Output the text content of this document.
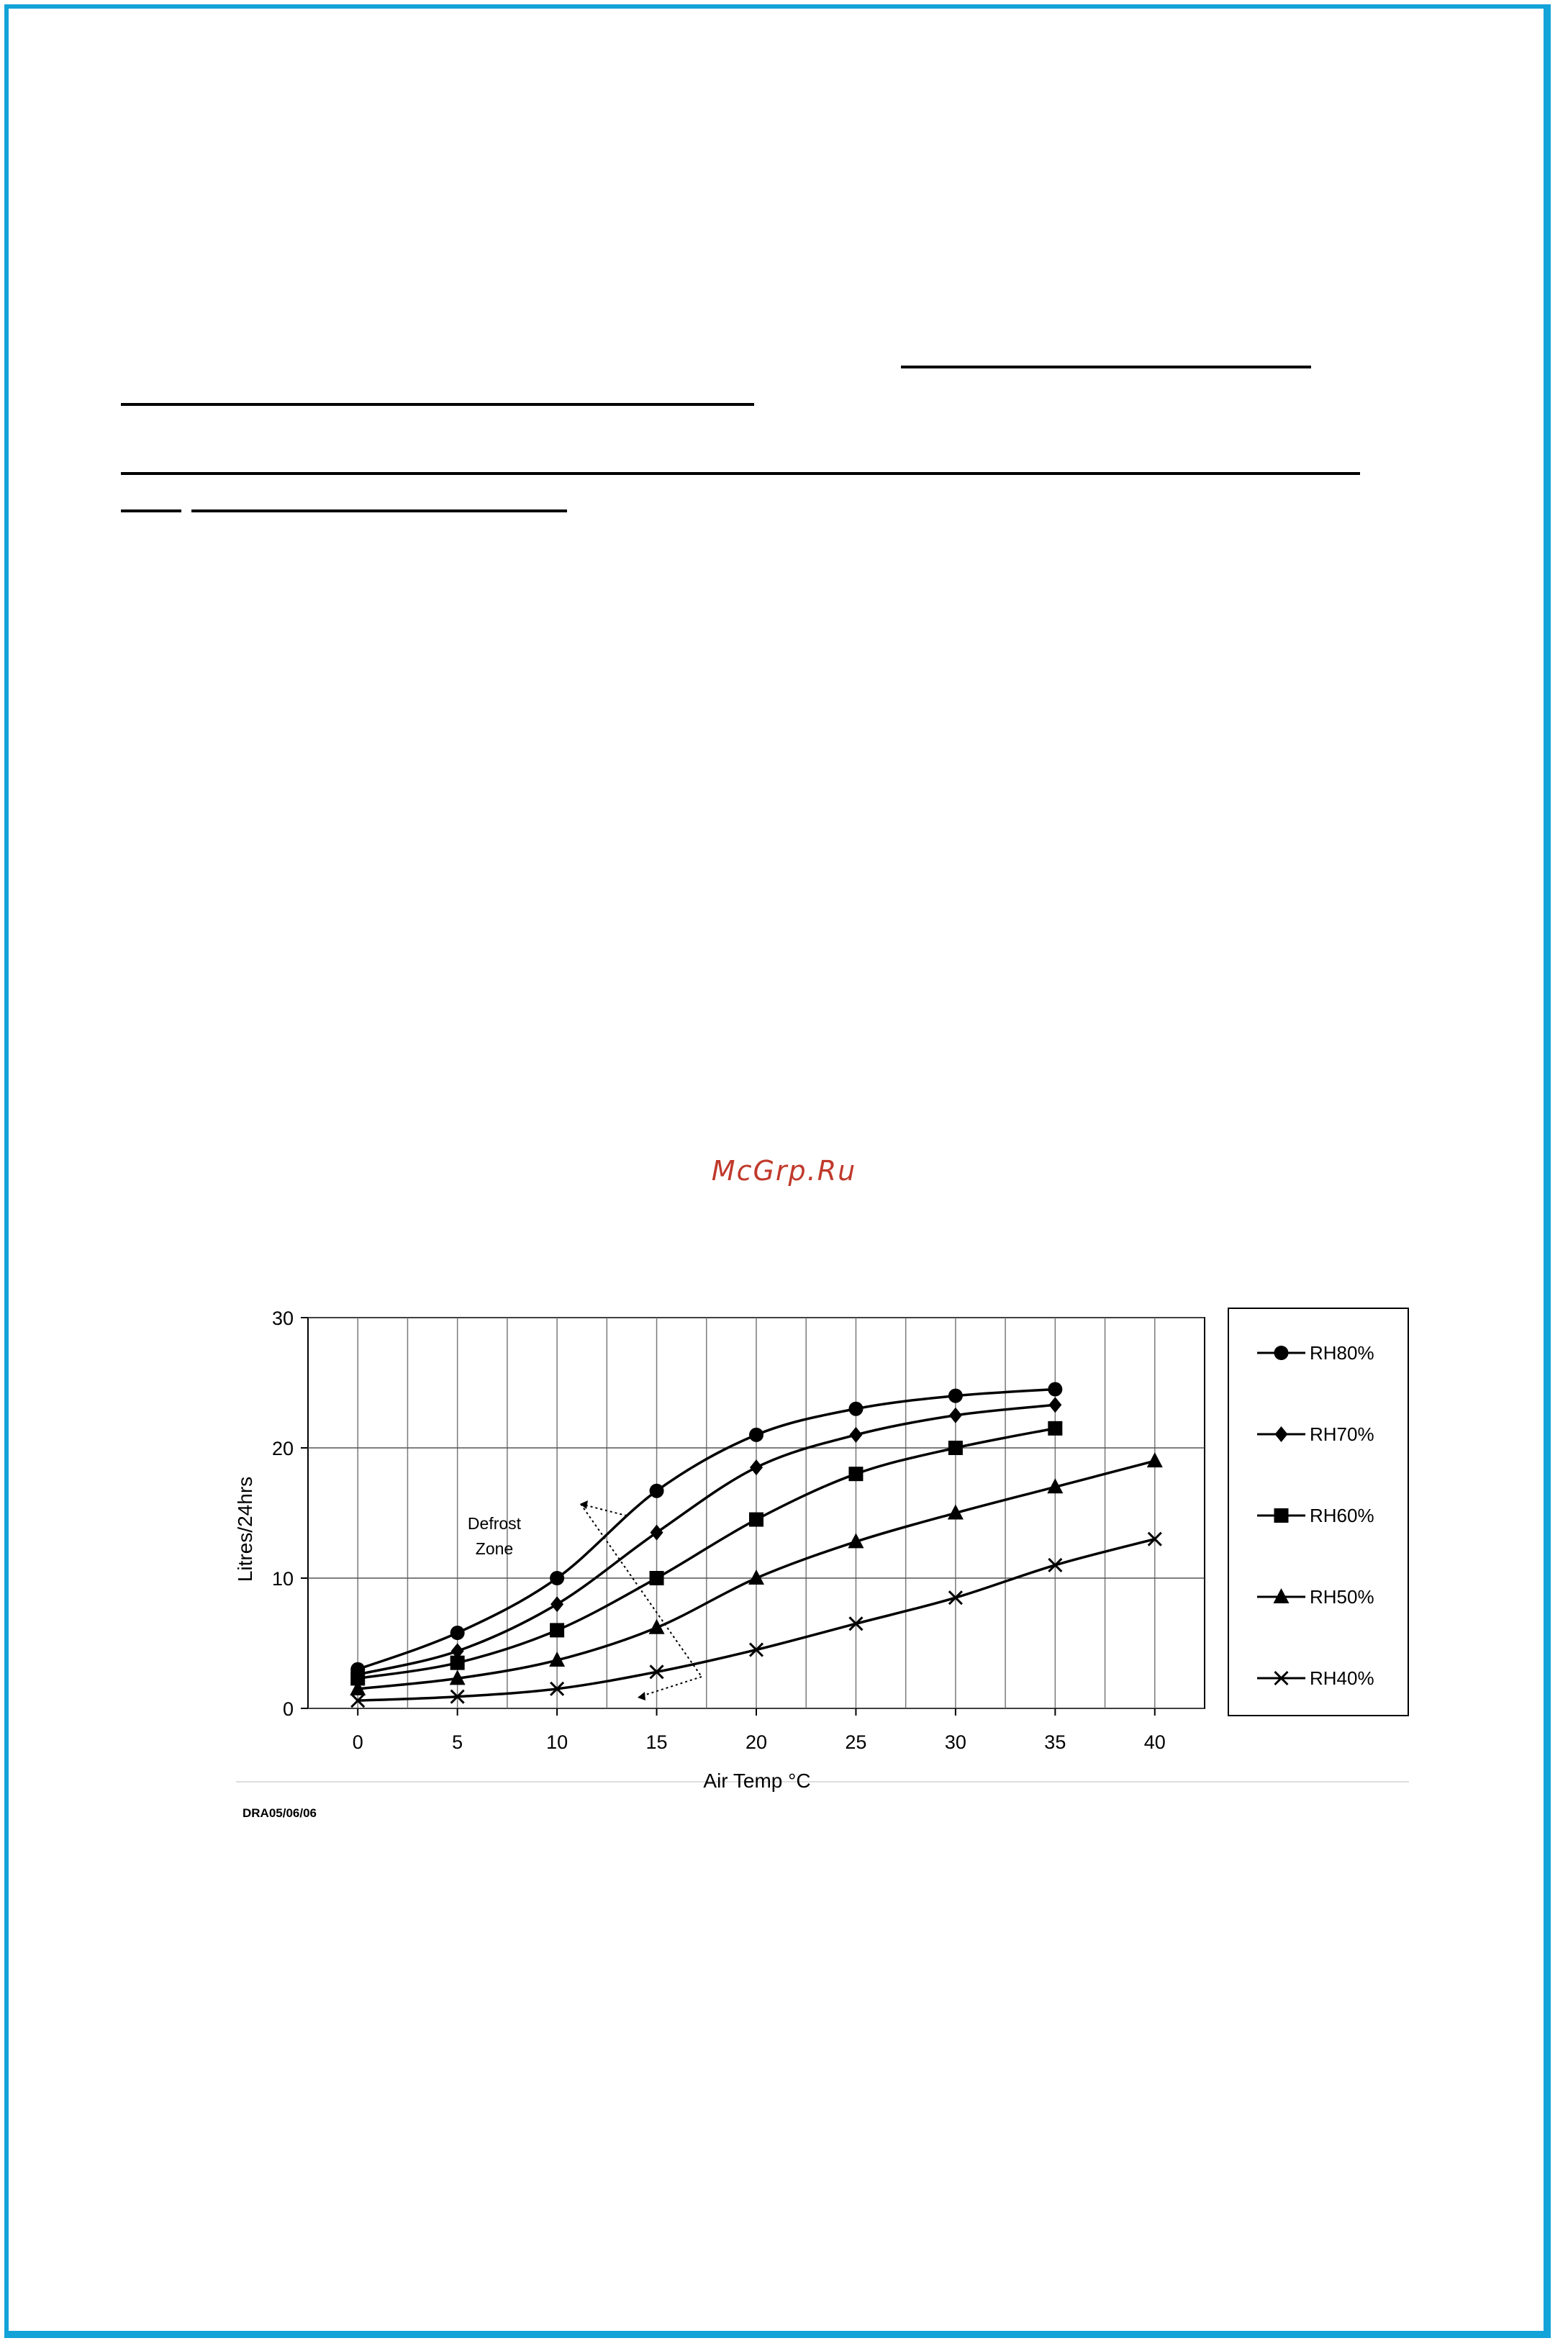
McGrp.Ru
Defrost
Zone
0	5	10	15	20	25	30	35	40
0
10
20
30
Litres/24hrs
Air Temp °C
RH80%
RH70%
RH60%
RH50%
RH40%
DRA05/06/06
